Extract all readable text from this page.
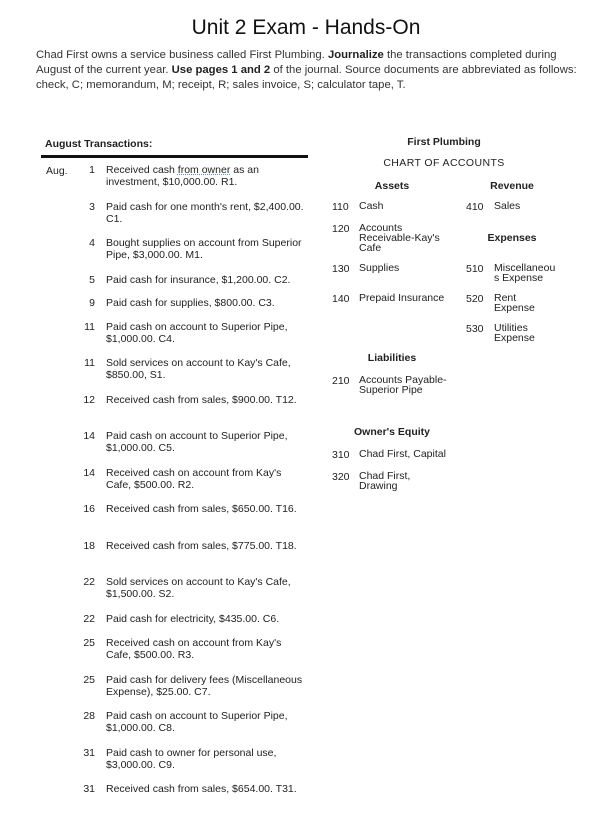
Unit 2 Exam - Hands-On
Chad First owns a service business called First Plumbing. Journalize the transactions completed during August of the current year. Use pages 1 and 2 of the journal. Source documents are abbreviated as follows: check, C; memorandum, M; receipt, R; sales invoice, S; calculator tape, T.
August Transactions:
Aug.	1 Received cash from owner as an investment, $10,000.00. R1.
3 Paid cash for one month's rent, $2,400.00. C1.
4 Bought supplies on account from Superior Pipe, $3,000.00. M1.
5 Paid cash for insurance, $1,200.00. C2.
9 Paid cash for supplies, $800.00. C3.
11 Paid cash on account to Superior Pipe, $1,000.00. C4.
11 Sold services on account to Kay's Cafe, $850.00, S1.
12 Received cash from sales, $900.00. T12.
14 Paid cash on account to Superior Pipe, $1,000.00. C5.
14 Received cash on account from Kay's Cafe, $500.00. R2.
16 Received cash from sales, $650.00. T16.
18 Received cash from sales, $775.00. T18.
22 Sold services on account to Kay's Cafe, $1,500.00. S2.
22 Paid cash for electricity, $435.00. C6.
25 Received cash on account from Kay's Cafe, $500.00. R3.
25 Paid cash for delivery fees (Miscellaneous Expense), $25.00. C7.
28 Paid cash on account to Superior Pipe, $1,000.00. C8.
31 Paid cash to owner for personal use, $3,000.00. C9.
31 Received cash from sales, $654.00. T31.
First Plumbing
CHART OF ACCOUNTS
Assets
110 Cash
120 Accounts Receivable-Kay's Cafe
130 Supplies
140 Prepaid Insurance
Liabilities
210 Accounts Payable-Superior Pipe
Owner's Equity
310 Chad First, Capital
320 Chad First, Drawing
Revenue
410 Sales
Expenses
510 Miscellaneous Expense
520 Rent Expense
530 Utilities Expense
